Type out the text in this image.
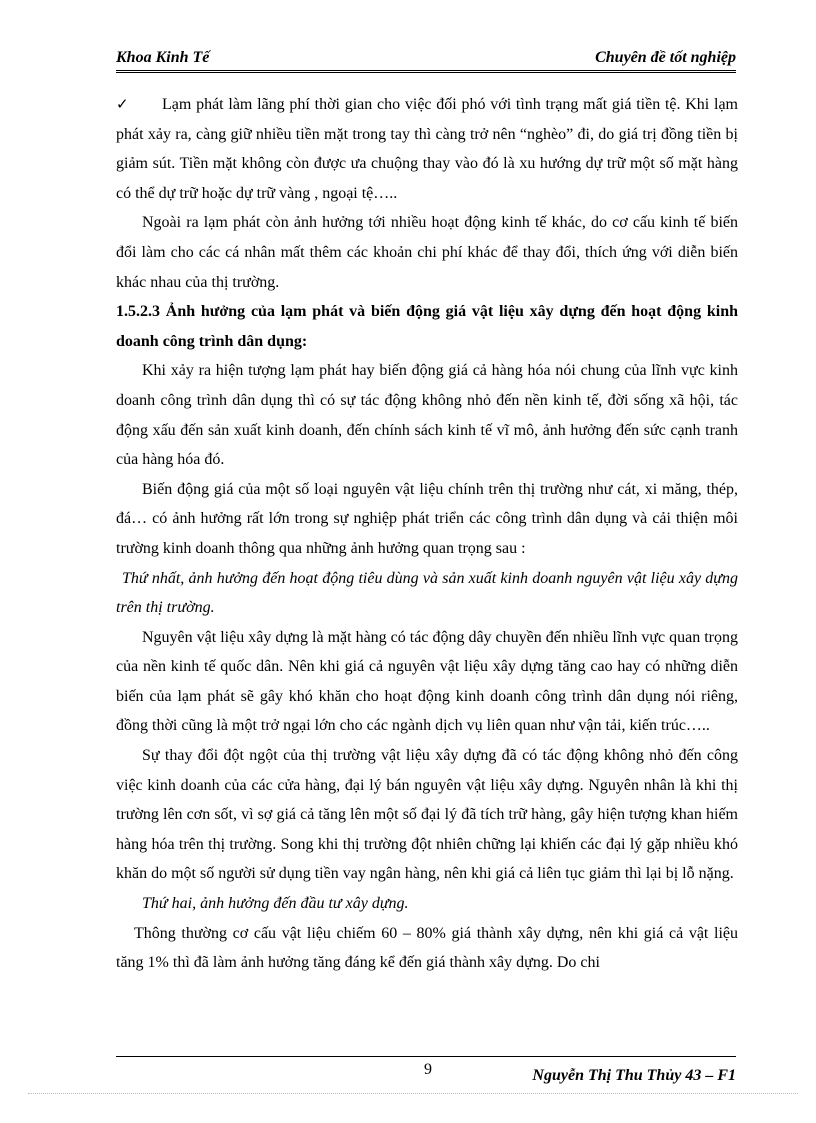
Khoa Kinh Tế	Chuyên đề tốt nghiệp

✓ Lạm phát làm lãng phí thời gian cho việc đối phó với tình trạng mất giá tiền tệ. Khi lạm phát xảy ra, càng giữ nhiều tiền mặt trong tay thì càng trở nên “nghèo” đi, do giá trị đồng tiền bị giảm sút. Tiền mặt không còn được ưa chuộng thay vào đó là xu hướng dự trữ một số mặt hàng có thể dự trữ hoặc dự trữ vàng , ngoại tệ…..

Ngoài ra lạm phát còn ảnh hưởng tới nhiều hoạt động kinh tế khác, do cơ cấu kinh tế biến đổi làm cho các cá nhân mất thêm các khoản chi phí khác để thay đổi, thích ứng với diễn biến khác nhau của thị trường.

1.5.2.3 Ảnh hưởng của lạm phát và biến động giá vật liệu xây dựng đến hoạt động kinh doanh công trình dân dụng:

Khi xảy ra hiện tượng lạm phát hay biến động giá cả hàng hóa nói chung của lĩnh vực kinh doanh công trình dân dụng thì có sự tác động không nhỏ đến nền kinh tế, đời sống xã hội, tác động xấu đến sản xuất kinh doanh, đến chính sách kinh tế vĩ mô, ảnh hưởng đến sức cạnh tranh của hàng hóa đó.

Biến động giá của một số loại nguyên vật liệu chính trên thị trường như cát, xi măng, thép, đá… có ảnh hưởng rất lớn trong sự nghiệp phát triển các công trình dân dụng và cải thiện môi trường kinh doanh thông qua những ảnh hưởng quan trọng sau :

Thứ nhất, ảnh hưởng đến hoạt động tiêu dùng và sản xuất kinh doanh nguyên vật liệu xây dựng trên thị trường.

Nguyên vật liệu xây dựng là mặt hàng có tác động dây chuyền đến nhiều lĩnh vực quan trọng của nền kinh tế quốc dân. Nên khi giá cả nguyên vật liệu xây dựng tăng cao hay có những diễn biến của lạm phát sẽ gây khó khăn cho hoạt động kinh doanh công trình dân dụng nói riêng, đồng thời cũng là một trở ngại lớn cho các ngành dịch vụ liên quan như vận tải, kiến trúc…..

Sự thay đổi đột ngột của thị trường vật liệu xây dựng đã có tác động không nhỏ đến công việc kinh doanh của các cửa hàng, đại lý bán nguyên vật liệu xây dựng. Nguyên nhân là khi thị trường lên cơn sốt, vì sợ giá cả tăng lên một số đại lý đã tích trữ hàng, gây hiện tượng khan hiếm hàng hóa trên thị trường. Song khi thị trường đột nhiên chững lại khiến các đại lý gặp nhiều khó khăn do một số người sử dụng tiền vay ngân hàng, nên khi giá cả liên tục giảm thì lại bị lỗ nặng.

Thứ hai, ảnh hưởng đến đầu tư xây dựng.

Thông thường cơ cấu vật liệu chiếm 60 – 80% giá thành xây dựng, nên khi giá cả vật liệu tăng 1% thì đã làm ảnh hưởng tăng đáng kể đến giá thành xây dựng. Do chi

9	Nguyễn Thị Thu Thủy 43 – F1
